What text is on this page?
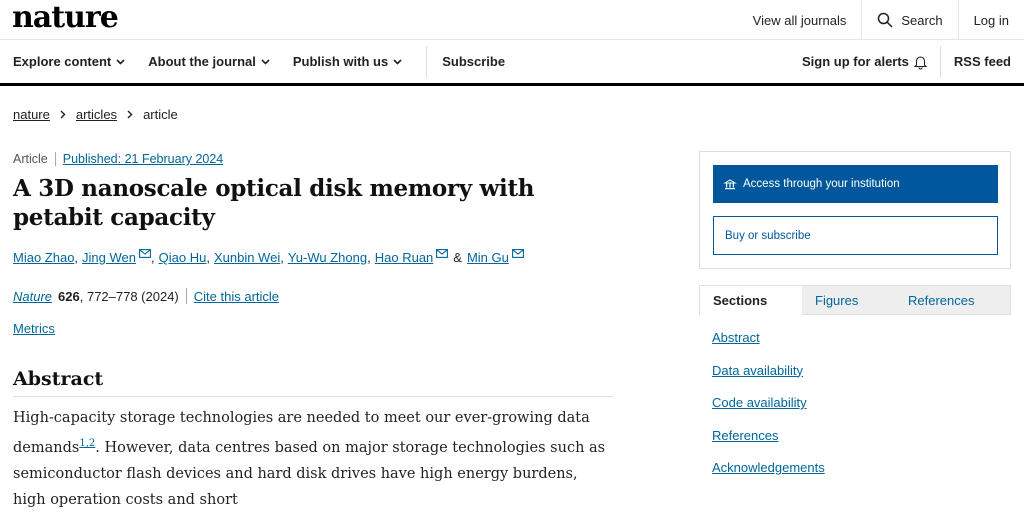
nature	View all journals	Search	Log in
Explore content	About the journal	Publish with us	Subscribe	Sign up for alerts	RSS feed
nature articles article
Article	Published: 21 February 2024
A 3D nanoscale optical disk memory with petabit capacity
Miao Zhao , Jing Wen , Qiao Hu , Xunbin Wei , Yu-Wu Zhong , Hao Ruan & Min Gu
Nature 626 , 772–778 (2024) Cite this article
Metrics
Abstract

High-capacity storage technologies are needed to meet our ever-growing data demands$^{1,2}$. However, data centres based on major storage technologies such as semiconductor flash devices and hard disk drives have high energy burdens, high operation costs and short

Access through your institution
Buy or subscribe
Sections	Figures	References
Abstract
Data availability
Code availability
References
Acknowledgements
